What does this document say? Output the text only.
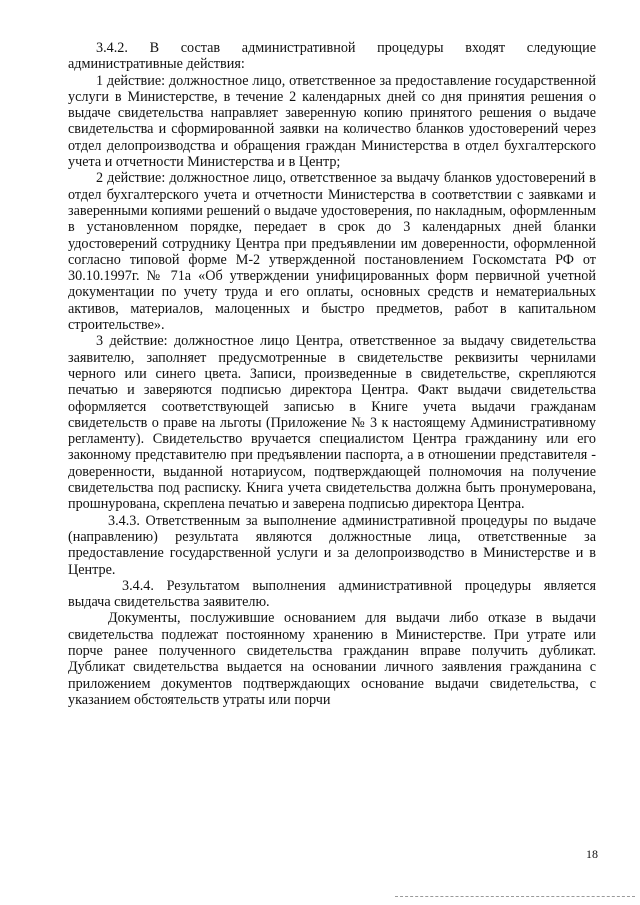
3.4.2. В состав административной процедуры входят следующие административные действия:

1 действие: должностное лицо, ответственное за предоставление государственной услуги в Министерстве, в течение 2 календарных дней со дня принятия решения о выдаче свидетельства направляет заверенную копию принятого решения о выдаче свидетельства и сформированной заявки на количество бланков удостоверений через отдел делопроизводства и обращения граждан Министерства в отдел бухгалтерского учета и отчетности Министерства и в Центр;

2 действие: должностное лицо, ответственное за выдачу бланков удостоверений в отдел бухгалтерского учета и отчетности Министерства в соответствии с заявками и заверенными копиями решений о выдаче удостоверения, по накладным, оформленным в установленном порядке, передает в срок до 3 календарных дней бланки удостоверений сотруднику Центра при предъявлении им доверенности, оформленной согласно типовой форме М-2 утвержденной постановлением Госкомстата РФ от 30.10.1997г. № 71а «Об утверждении унифицированных форм первичной учетной документации по учету труда и его оплаты, основных средств и нематериальных активов, материалов, малоценных и быстро предметов, работ в капитальном строительстве».

3 действие: должностное лицо Центра, ответственное за выдачу свидетельства заявителю, заполняет предусмотренные в свидетельстве реквизиты чернилами черного или синего цвета. Записи, произведенные в свидетельстве, скрепляются печатью и заверяются подписью директора Центра. Факт выдачи свидетельства оформляется соответствующей записью в Книге учета выдачи гражданам свидетельств о праве на льготы (Приложение № 3 к настоящему Административному регламенту). Свидетельство вручается специалистом Центра гражданину или его законному представителю при предъявлении паспорта, а в отношении представителя - доверенности, выданной нотариусом, подтверждающей полномочия на получение свидетельства под расписку. Книга учета свидетельства должна быть пронумерована, прошнурована, скреплена печатью и заверена подписью директора Центра.

3.4.3. Ответственным за выполнение административной процедуры по выдаче (направлению) результата являются должностные лица, ответственные за предоставление государственной услуги и за делопроизводство в Министерстве и в Центре.

3.4.4. Результатом выполнения административной процедуры является выдача свидетельства заявителю.

Документы, послужившие основанием для выдачи либо отказе в выдачи свидетельства подлежат постоянному хранению в Министерстве. При утрате или порче ранее полученного свидетельства гражданин вправе получить дубликат. Дубликат свидетельства выдается на основании личного заявления гражданина с приложением документов подтверждающих основание выдачи свидетельства, с указанием обстоятельств утраты или порчи

18
